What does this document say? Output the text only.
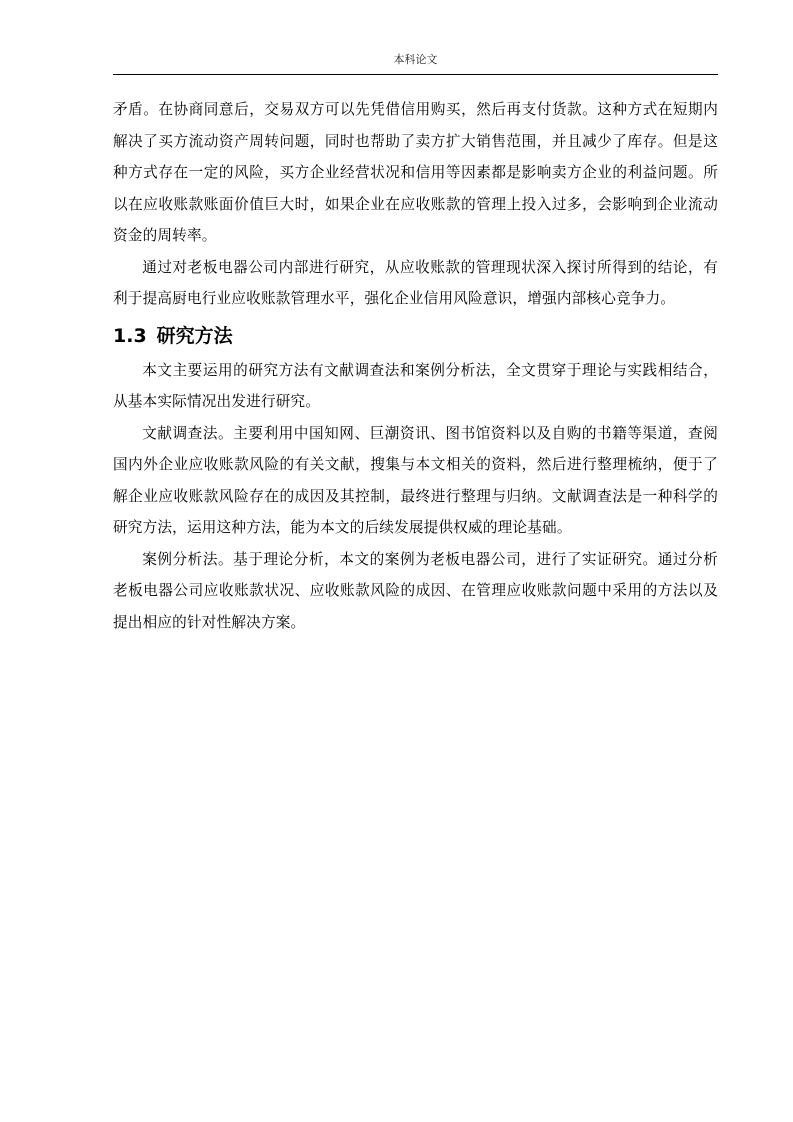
本科论文

矛盾。在协商同意后，交易双方可以先凭借信用购买，然后再支付货款。这种方式在短期内解决了买方流动资产周转问题，同时也帮助了卖方扩大销售范围，并且减少了库存。但是这种方式存在一定的风险，买方企业经营状况和信用等因素都是影响卖方企业的利益问题。所以在应收账款账面价值巨大时，如果企业在应收账款的管理上投入过多，会影响到企业流动资金的周转率。

通过对老板电器公司内部进行研究，从应收账款的管理现状深入探讨所得到的结论，有利于提高厨电行业应收账款管理水平，强化企业信用风险意识，增强内部核心竞争力。

1.3 研究方法

本文主要运用的研究方法有文献调查法和案例分析法，全文贯穿于理论与实践相结合，从基本实际情况出发进行研究。

文献调查法。主要利用中国知网、巨潮资讯、图书馆资料以及自购的书籍等渠道，查阅国内外企业应收账款风险的有关文献，搜集与本文相关的资料，然后进行整理梳纳，便于了解企业应收账款风险存在的成因及其控制，最终进行整理与归纳。文献调查法是一种科学的研究方法，运用这种方法，能为本文的后续发展提供权威的理论基础。

案例分析法。基于理论分析，本文的案例为老板电器公司，进行了实证研究。通过分析老板电器公司应收账款状况、应收账款风险的成因、在管理应收账款问题中采用的方法以及提出相应的针对性解决方案。
